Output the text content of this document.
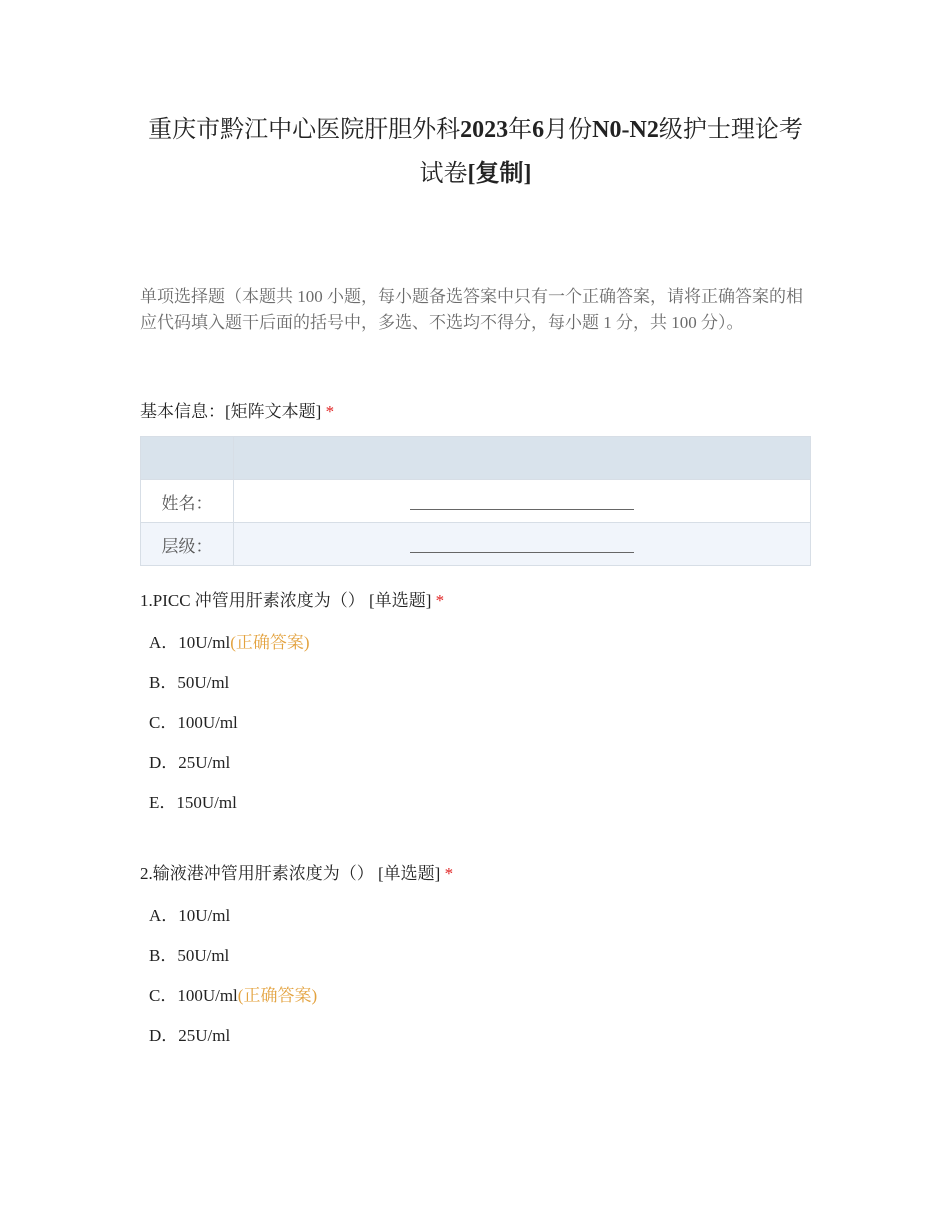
重庆市黔江中心医院肝胆外科2023年6月份N0-N2级护士理论考试卷[复制]
单项选择题（本题共 100 小题，每小题备选答案中只有一个正确答案，请将正确答案的相应代码填入题干后面的括号中，多选、不选均不得分，每小题 1 分，共 100 分）。
基本信息：[矩阵文本题] *

姓名：	
层级：	
1.PICC 冲管用肝素浓度为（） [单选题] *
A．10U/ml(正确答案)
B．50U/ml
C．100U/ml
D．25U/ml
E．150U/ml
2.输液港冲管用肝素浓度为（） [单选题] *
A．10U/ml
B．50U/ml
C．100U/ml(正确答案)
D．25U/ml
